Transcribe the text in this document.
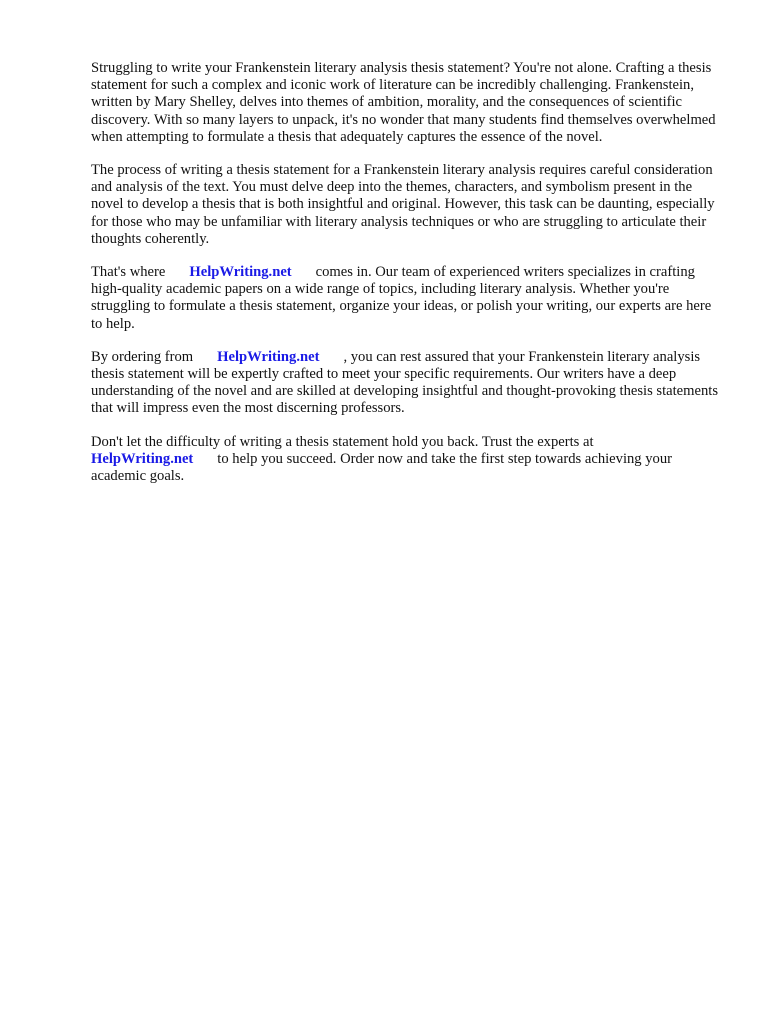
Struggling to write your Frankenstein literary analysis thesis statement? You're not alone. Crafting a thesis statement for such a complex and iconic work of literature can be incredibly challenging. Frankenstein, written by Mary Shelley, delves into themes of ambition, morality, and the consequences of scientific discovery. With so many layers to unpack, it's no wonder that many students find themselves overwhelmed when attempting to formulate a thesis that adequately captures the essence of the novel.

The process of writing a thesis statement for a Frankenstein literary analysis requires careful consideration and analysis of the text. You must delve deep into the themes, characters, and symbolism present in the novel to develop a thesis that is both insightful and original. However, this task can be daunting, especially for those who may be unfamiliar with literary analysis techniques or who are struggling to articulate their thoughts coherently.

That's where HelpWriting.net comes in. Our team of experienced writers specializes in crafting high-quality academic papers on a wide range of topics, including literary analysis. Whether you're struggling to formulate a thesis statement, organize your ideas, or polish your writing, our experts are here to help.

By ordering from HelpWriting.net , you can rest assured that your Frankenstein literary analysis thesis statement will be expertly crafted to meet your specific requirements. Our writers have a deep understanding of the novel and are skilled at developing insightful and thought-provoking thesis statements that will impress even the most discerning professors.

Don't let the difficulty of writing a thesis statement hold you back. Trust the experts at HelpWriting.net to help you succeed. Order now and take the first step towards achieving your academic goals.
